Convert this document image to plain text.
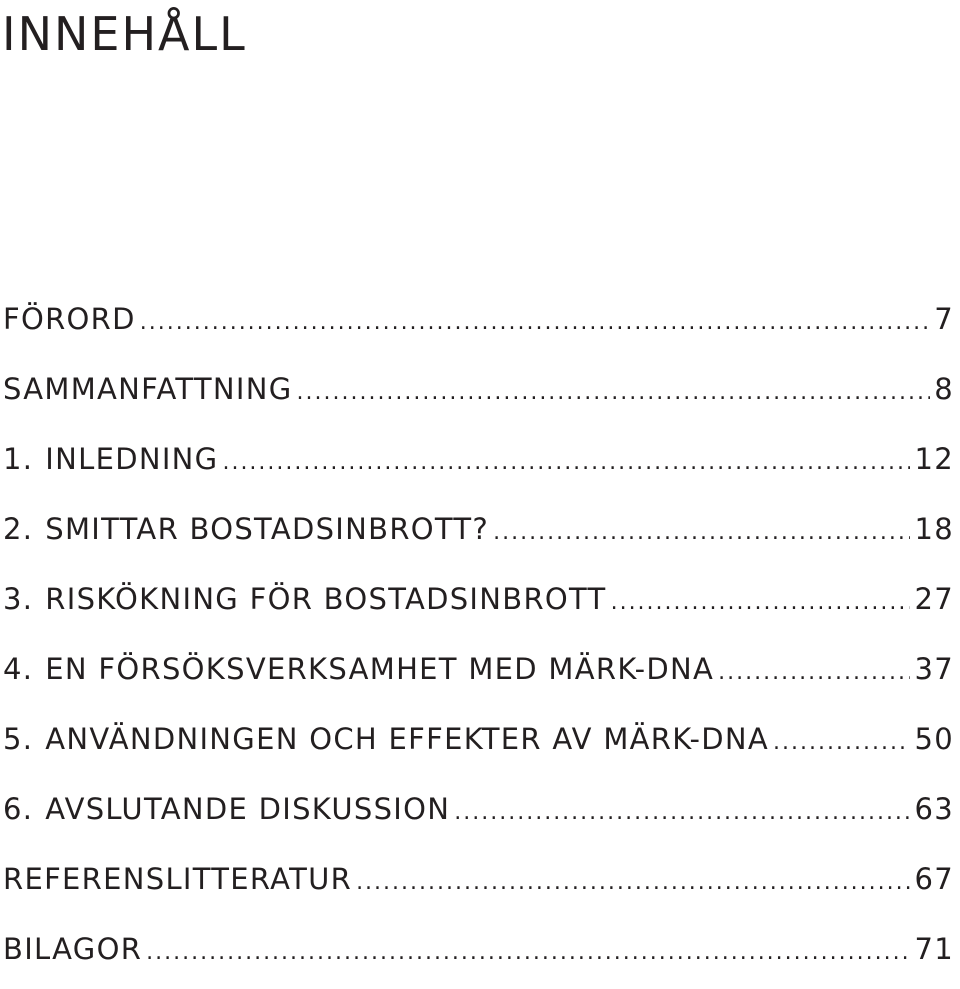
INNEHÅLL
FÖRORD .....	7
SAMMANFATTNING .....	8
1. INLEDNING .....	12
2. SMITTAR BOSTADSINBROTT? .....	18
3. RISKÖKNING FÖR BOSTADSINBROTT .....	27
4. EN FÖRSÖKSVERKSAMHET MED MÄRK-DNA .....	37
5. ANVÄNDNINGEN OCH EFFEKTER AV MÄRK-DNA .....	50
6. AVSLUTANDE DISKUSSION .....	63
REFERENSLITTERATUR .....	67
BILAGOR .....	71
